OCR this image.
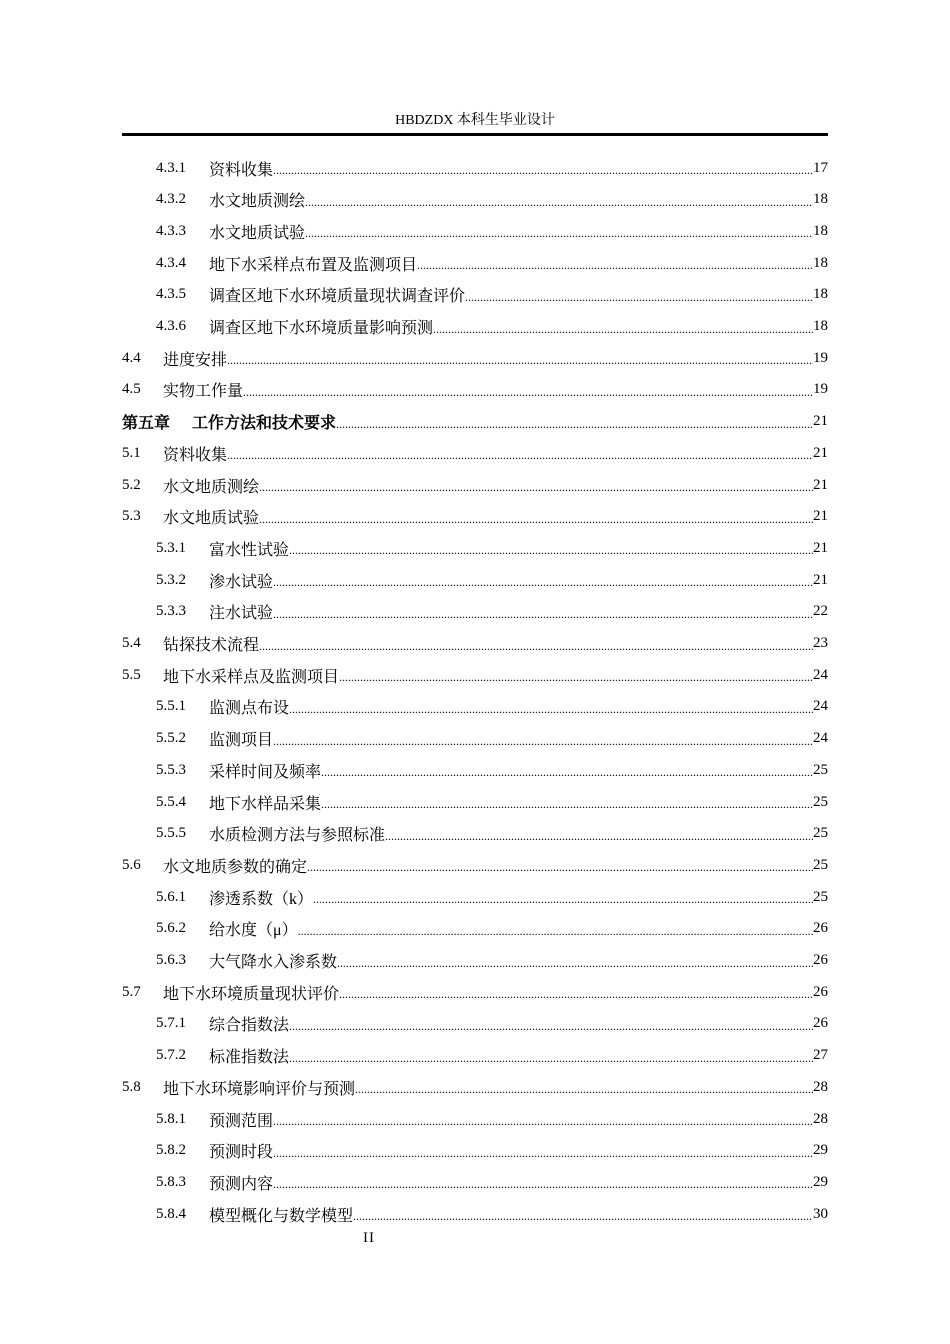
HBDZDX 本科生毕业设计
4.3.1	资料收集 .....	17
4.3.2	水文地质测绘 .....	18
4.3.3	水文地质试验 .....	18
4.3.4	地下水采样点布置及监测项目 .....	18
4.3.5	调查区地下水环境质量现状调查评价 .....	18
4.3.6	调查区地下水环境质量影响预测 .....	18
4.4	进度安排 .....	19
4.5	实物工作量 .....	19
第五章 工作方法和技术要求 .....	21
5.1	资料收集 .....	21
5.2	水文地质测绘 .....	21
5.3	水文地质试验 .....	21
5.3.1	富水性试验 .....	21
5.3.2	渗水试验 .....	21
5.3.3	注水试验 .....	22
5.4	钻探技术流程 .....	23
5.5	地下水采样点及监测项目 .....	24
5.5.1	监测点布设 .....	24
5.5.2	监测项目 .....	24
5.5.3	采样时间及频率 .....	25
5.5.4	地下水样品采集 .....	25
5.5.5	水质检测方法与参照标准 .....	25
5.6	水文地质参数的确定 .....	25
5.6.1	渗透系数（k） .....	25
5.6.2	给水度（μ） .....	26
5.6.3	大气降水入渗系数 .....	26
5.7	地下水环境质量现状评价 .....	26
5.7.1	综合指数法 .....	26
5.7.2	标准指数法 .....	27
5.8	地下水环境影响评价与预测 .....	28
5.8.1	预测范围 .....	28
5.8.2	预测时段 .....	29
5.8.3	预测内容 .....	29
5.8.4	模型概化与数学模型 .....	30
II
